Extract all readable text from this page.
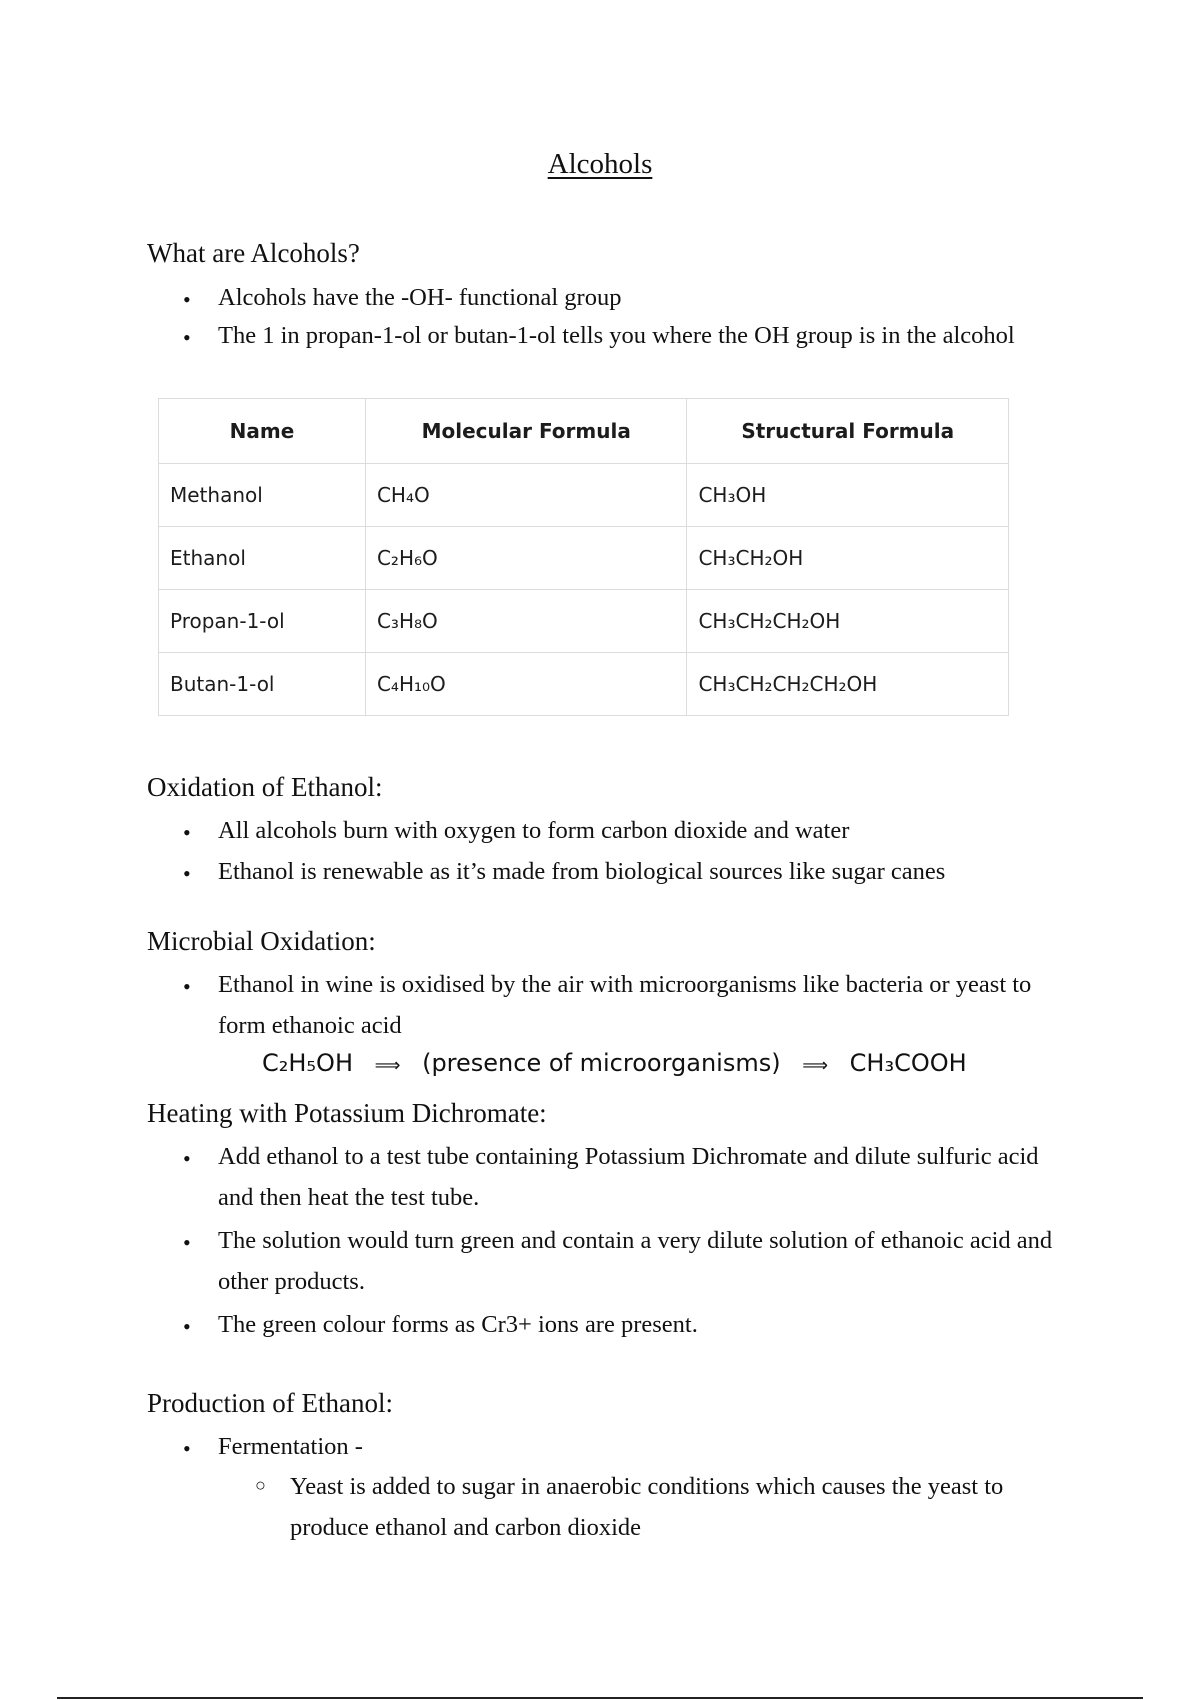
Alcohols
What are Alcohols?
• Alcohols have the -OH- functional group
• The 1 in propan-1-ol or butan-1-ol tells you where the OH group is in the alcohol
Name	Molecular Formula	Structural Formula
Methanol	CH₄O	CH₃OH
Ethanol	C₂H₆O	CH₃CH₂OH
Propan-1-ol	C₃H₈O	CH₃CH₂CH₂OH
Butan-1-ol	C₄H₁₀O	CH₃CH₂CH₂CH₂OH
Oxidation of Ethanol:
• All alcohols burn with oxygen to form carbon dioxide and water
• Ethanol is renewable as it’s made from biological sources like sugar canes
Microbial Oxidation:
• Ethanol in wine is oxidised by the air with microorganisms like bacteria or yeast to form ethanoic acid
C₂H₅OH ⟹ (presence of microorganisms) ⟹ CH₃COOH
Heating with Potassium Dichromate:
• Add ethanol to a test tube containing Potassium Dichromate and dilute sulfuric acid and then heat the test tube.
• The solution would turn green and contain a very dilute solution of ethanoic acid and other products.
• The green colour forms as Cr3+ ions are present.
Production of Ethanol:
• Fermentation -
○ Yeast is added to sugar in anaerobic conditions which causes the yeast to produce ethanol and carbon dioxide
